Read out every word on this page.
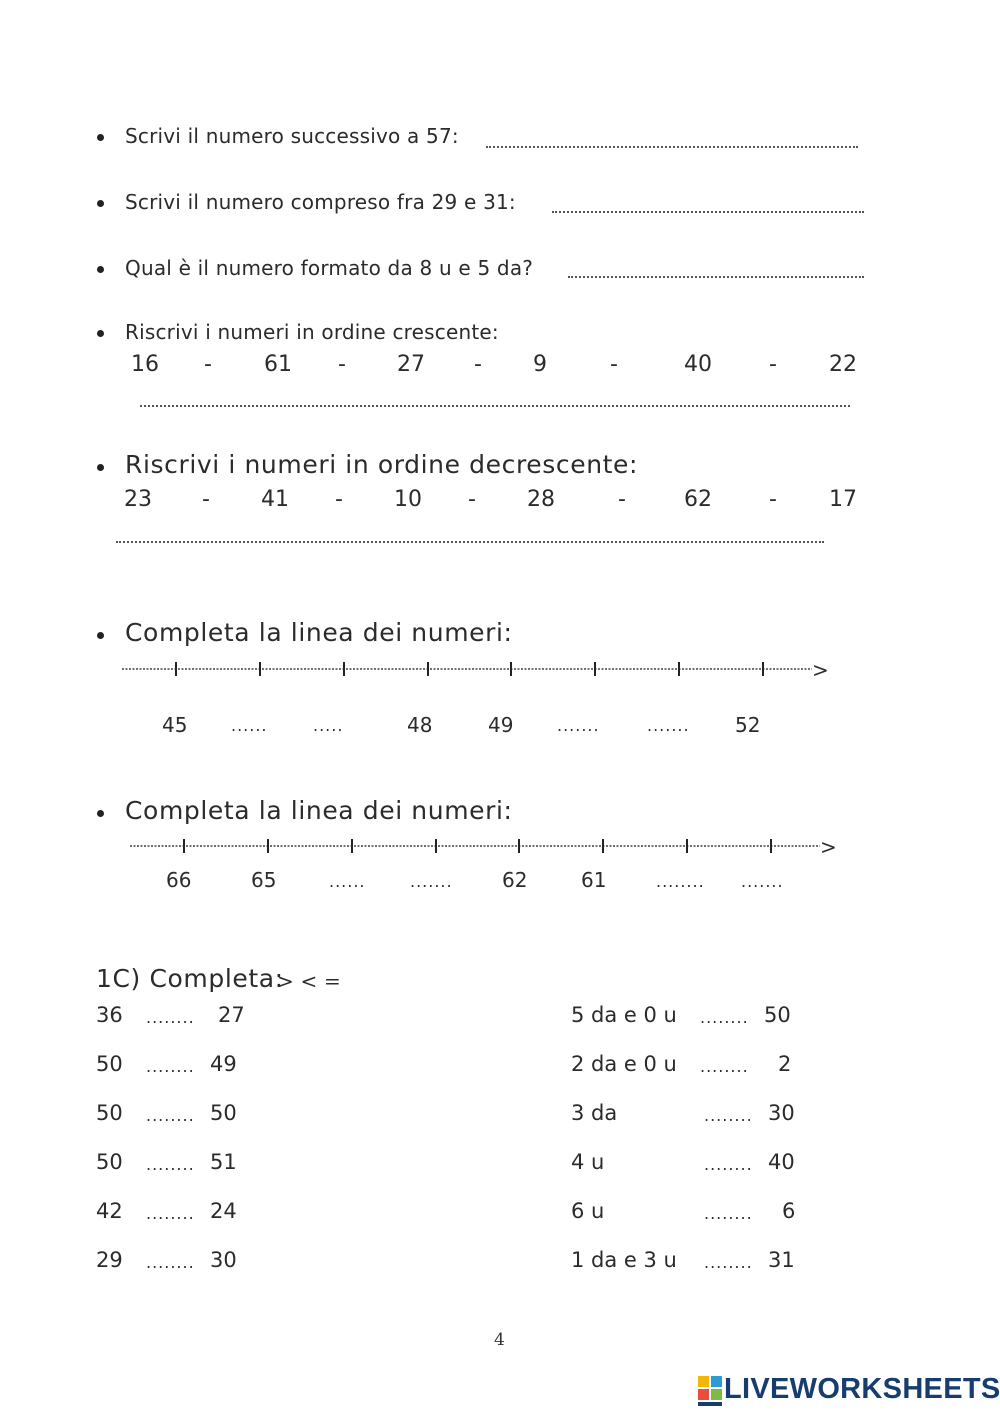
Scrivi il numero successivo a 57:
Scrivi il numero compreso fra 29 e 31:
Qual è il numero formato da 8 u e 5 da?
Riscrivi i numeri in ordine crescente:
16 - 61 - 27 - 9	-	40	- 22
Riscrivi i numeri in ordine decrescente:
23 - 41 - 10 - 28	-	62	- 17
Completa la linea dei numeri:
>
45	......	.....	48	49	.......	....... 52
Completa la linea dei numeri:
>
66	65	......	....... 62	61	........ .......
1C) Completa:
> < =
36 ........ 27
50 ........ 49
50 ........ 50
50 ........ 51
42 ........ 24
29 ........ 30
5 da e 0 u ........ 50
2 da e 0 u ........ 2
3 da	........ 30
4 u	........ 40
6 u	........ 6
1 da e 3 u ........ 31
4
LIVEWORKSHEETS
